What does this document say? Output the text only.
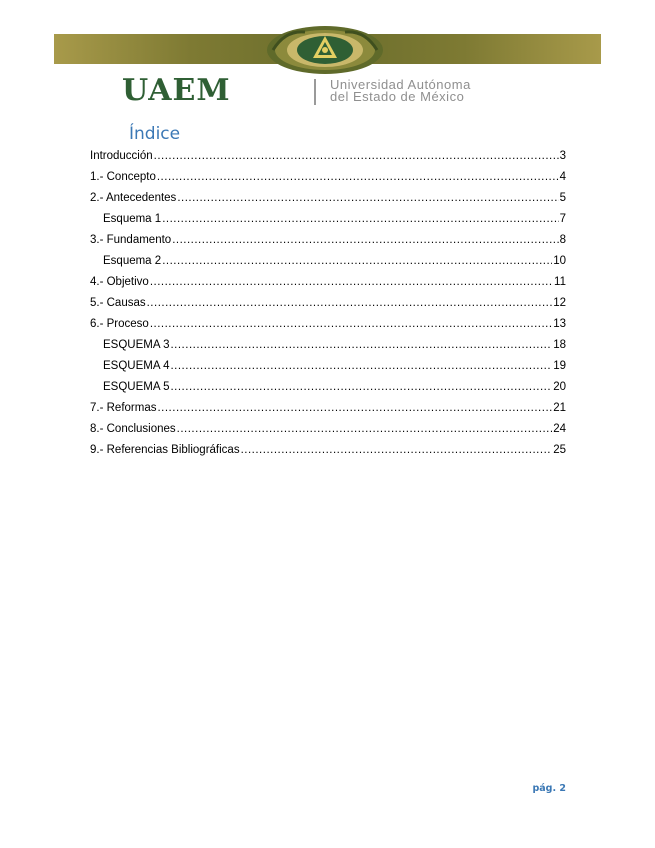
UAEM	Universidad Autónoma
del Estado de México
Índice
Introducción .....	3
1.- Concepto .....	4
2.- Antecedentes .....	5
Esquema 1 .....	7
3.- Fundamento .....	8
Esquema 2 .....	10
4.- Objetivo .....	11
5.- Causas .....	12
6.- Proceso .....	13
ESQUEMA 3 .....	18
ESQUEMA 4 .....	19
ESQUEMA 5 .....	20
7.- Reformas .....	21
8.- Conclusiones .....	24
9.- Referencias Bibliográficas .....	25
pág. 2
